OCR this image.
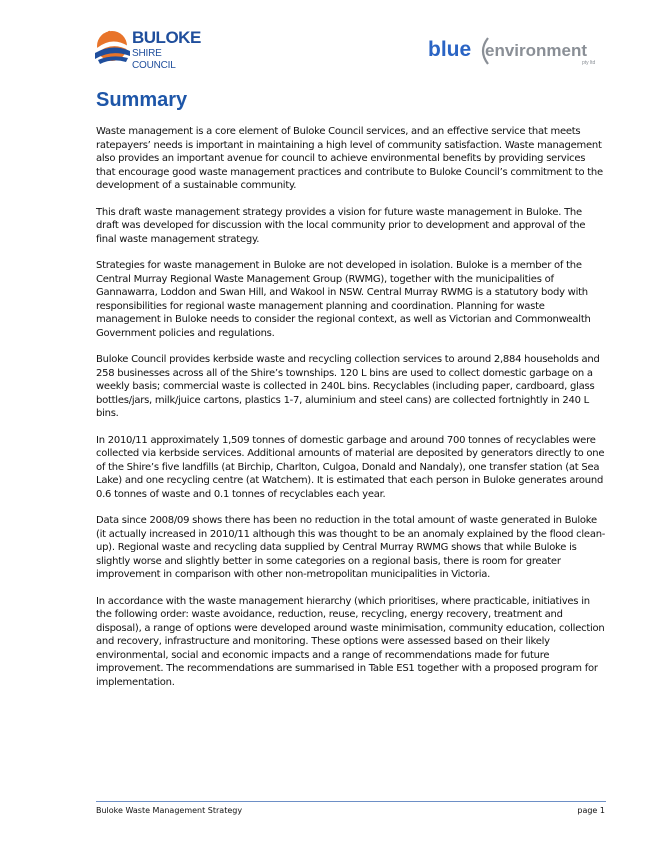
BULOKE
SHIRE COUNCIL
blue environment
pty ltd
Summary

Waste management is a core element of Buloke Council services, and an effective service that meets ratepayers’ needs is important in maintaining a high level of community satisfaction. Waste management also provides an important avenue for council to achieve environmental benefits by providing services that encourage good waste management practices and contribute to Buloke Council’s commitment to the development of a sustainable community.

This draft waste management strategy provides a vision for future waste management in Buloke. The draft was developed for discussion with the local community prior to development and approval of the final waste management strategy.

Strategies for waste management in Buloke are not developed in isolation. Buloke is a member of the Central Murray Regional Waste Management Group (RWMG), together with the municipalities of Gannawarra, Loddon and Swan Hill, and Wakool in NSW. Central Murray RWMG is a statutory body with responsibilities for regional waste management planning and coordination. Planning for waste management in Buloke needs to consider the regional context, as well as Victorian and Commonwealth Government policies and regulations.

Buloke Council provides kerbside waste and recycling collection services to around 2,884 households and 258 businesses across all of the Shire’s townships. 120 L bins are used to collect domestic garbage on a weekly basis; commercial waste is collected in 240L bins. Recyclables (including paper, cardboard, glass bottles/jars, milk/juice cartons, plastics 1-7, aluminium and steel cans) are collected fortnightly in 240 L bins.

In 2010/11 approximately 1,509 tonnes of domestic garbage and around 700 tonnes of recyclables were collected via kerbside services. Additional amounts of material are deposited by generators directly to one of the Shire’s five landfills (at Birchip, Charlton, Culgoa, Donald and Nandaly), one transfer station (at Sea Lake) and one recycling centre (at Watchem). It is estimated that each person in Buloke generates around 0.6 tonnes of waste and 0.1 tonnes of recyclables each year.

Data since 2008/09 shows there has been no reduction in the total amount of waste generated in Buloke (it actually increased in 2010/11 although this was thought to be an anomaly explained by the flood clean-up). Regional waste and recycling data supplied by Central Murray RWMG shows that while Buloke is slightly worse and slightly better in some categories on a regional basis, there is room for greater improvement in comparison with other non-metropolitan municipalities in Victoria.

In accordance with the waste management hierarchy (which prioritises, where practicable, initiatives in the following order: waste avoidance, reduction, reuse, recycling, energy recovery, treatment and disposal), a range of options were developed around waste minimisation, community education, collection and recovery, infrastructure and monitoring. These options were assessed based on their likely environmental, social and economic impacts and a range of recommendations made for future improvement. The recommendations are summarised in Table ES1 together with a proposed program for implementation.

Buloke Waste Management Strategy	page 1
